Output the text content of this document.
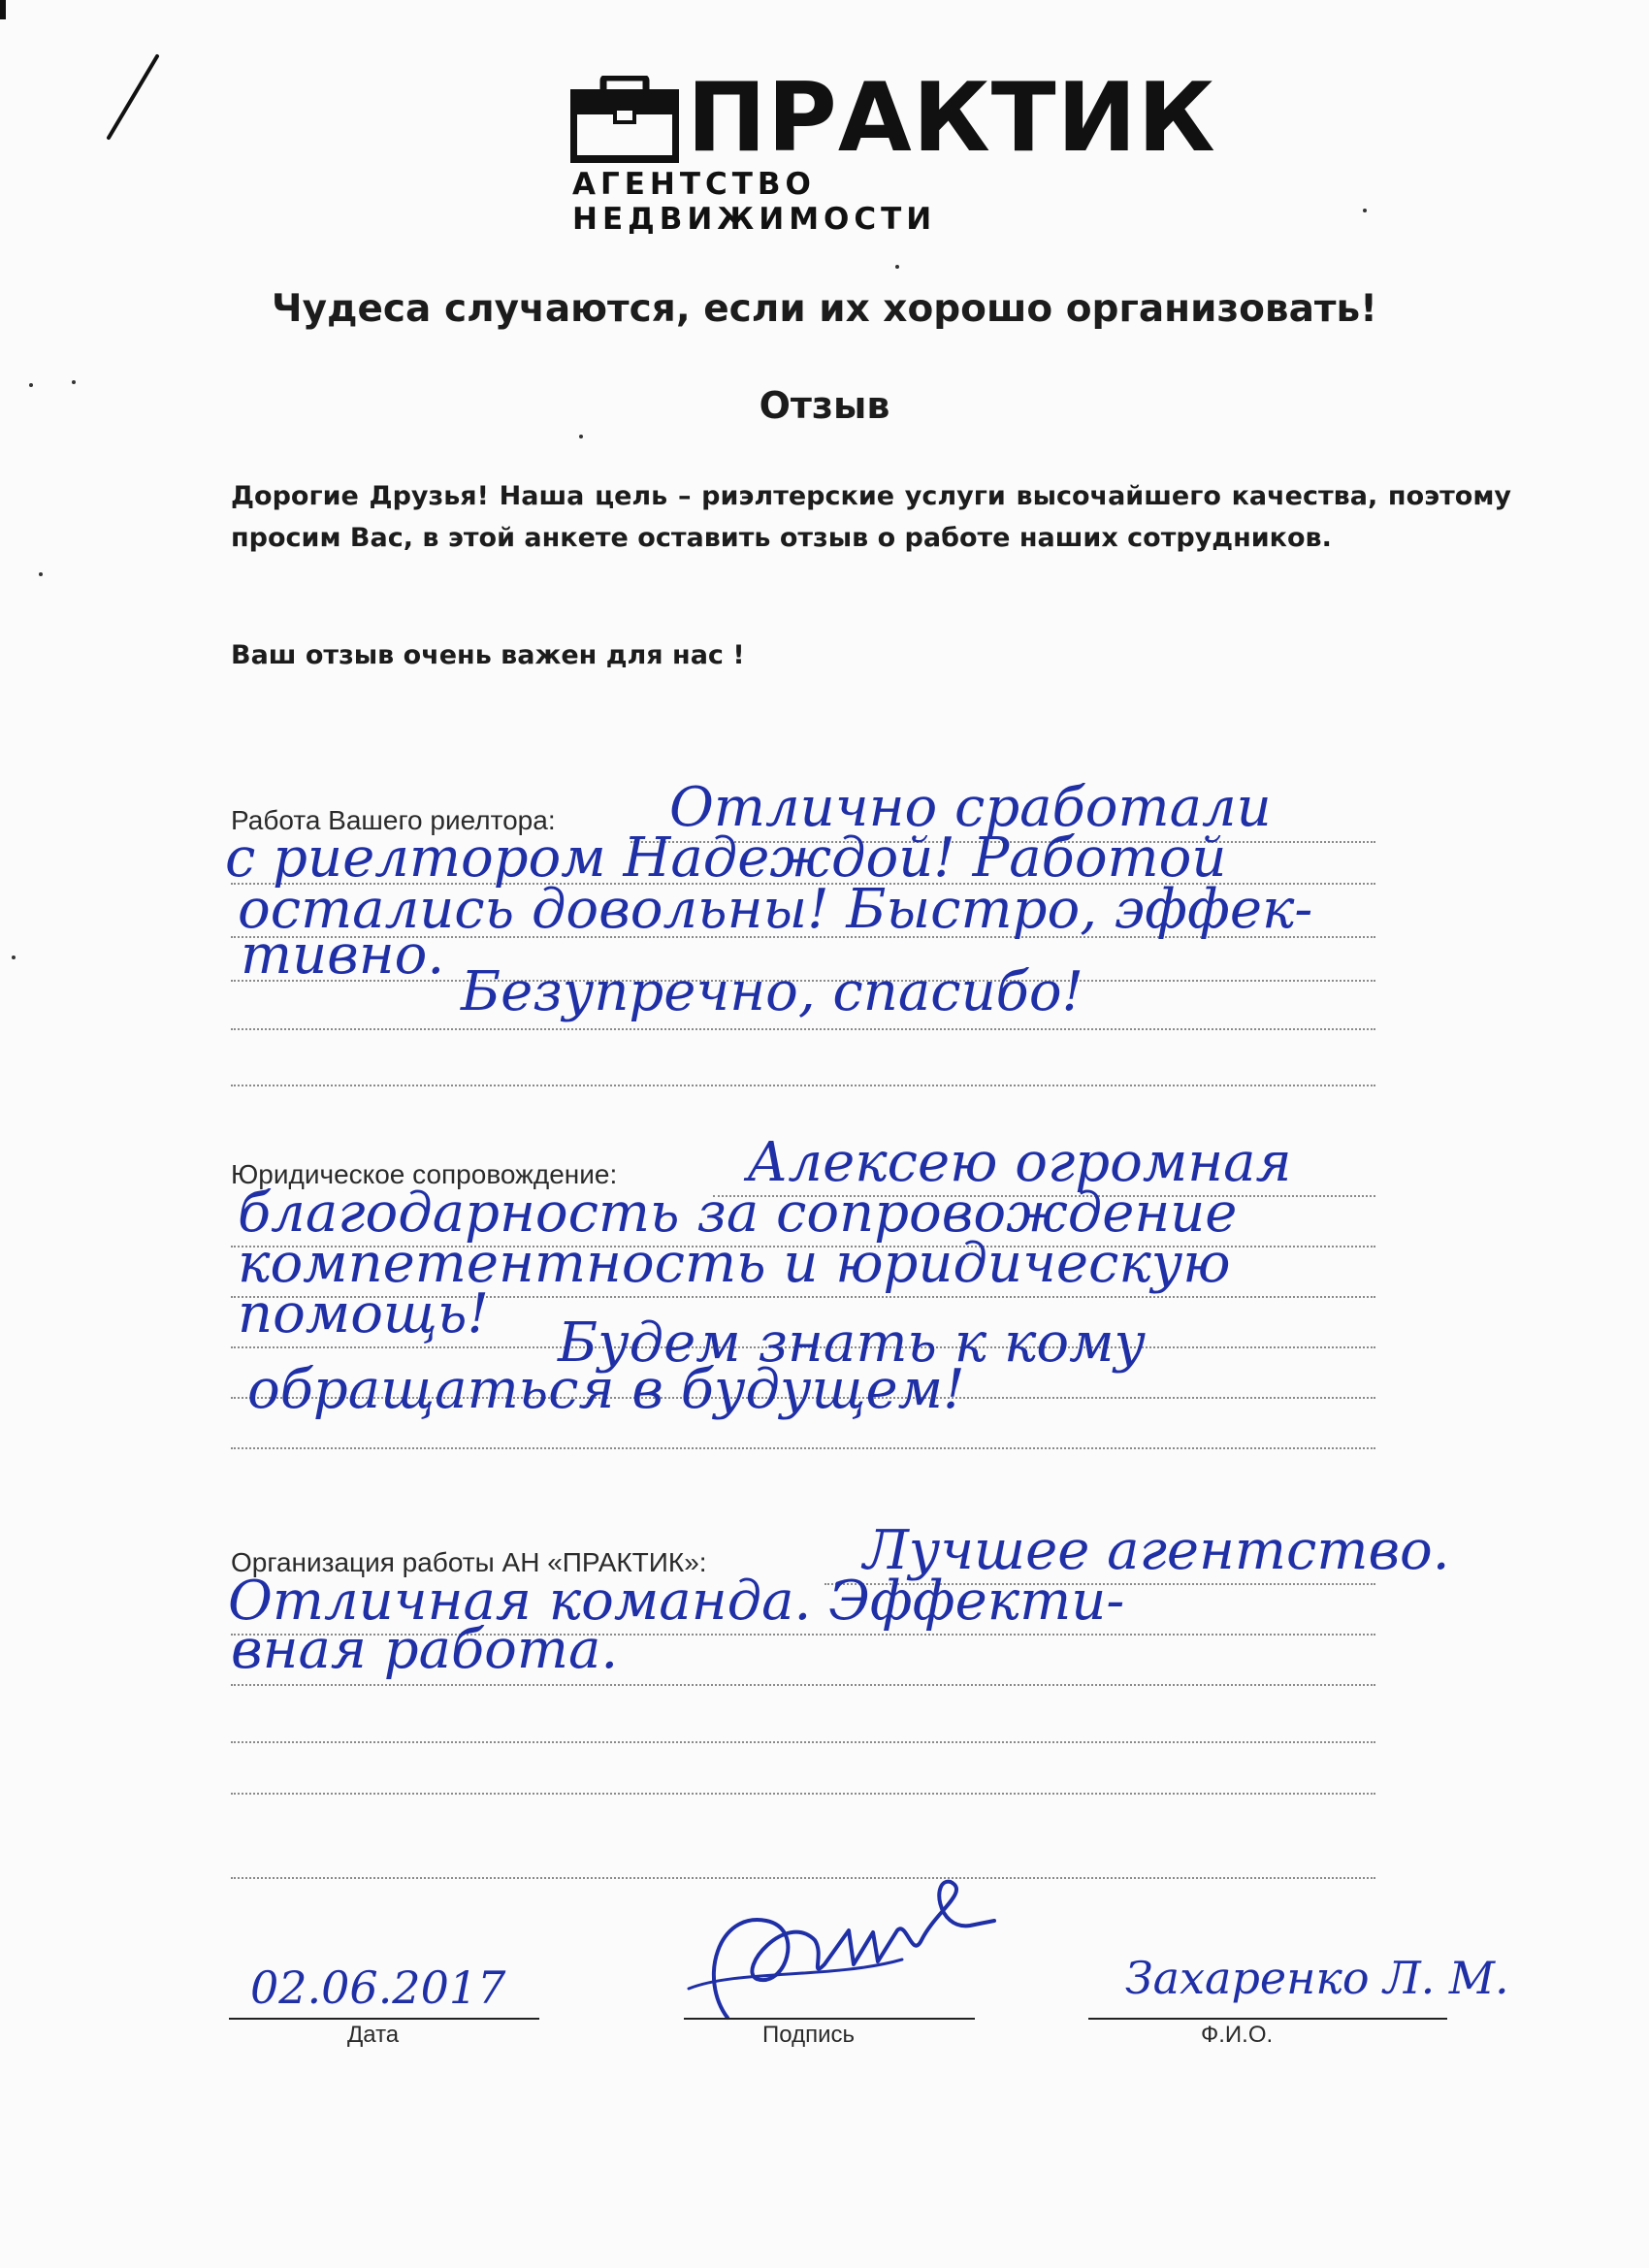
ПРАКТИК

АГЕНТСТВО НЕДВИЖИМОСТИ

Чудеса случаются, если их хорошо организовать!

Отзыв

Дорогие Друзья! Наша цель – риэлтерские услуги высочайшего качества, поэтому просим Вас, в этой анкете оставить отзыв о работе наших сотрудников.

Ваш отзыв очень важен для нас !

Работа Вашего риелтора: Отлично сработали

с риелтором Надеждой! Работой

остались довольны! Быстро, эффек-

тивно.

Безупречно, спасибо!

Юридическое сопровождение: Алексею огромная

благодарность за сопровождение

компетентность и юридическую

помощь! Будем знать к кому

обращаться в будущем!

Организация работы АН «ПРАКТИК»:	Лучшее агентство.

Отличная команда. Эффекти-

вная работа.

02.06.2017

Дата	Подпись

Захаренко Л. М.

Ф.И.О.
